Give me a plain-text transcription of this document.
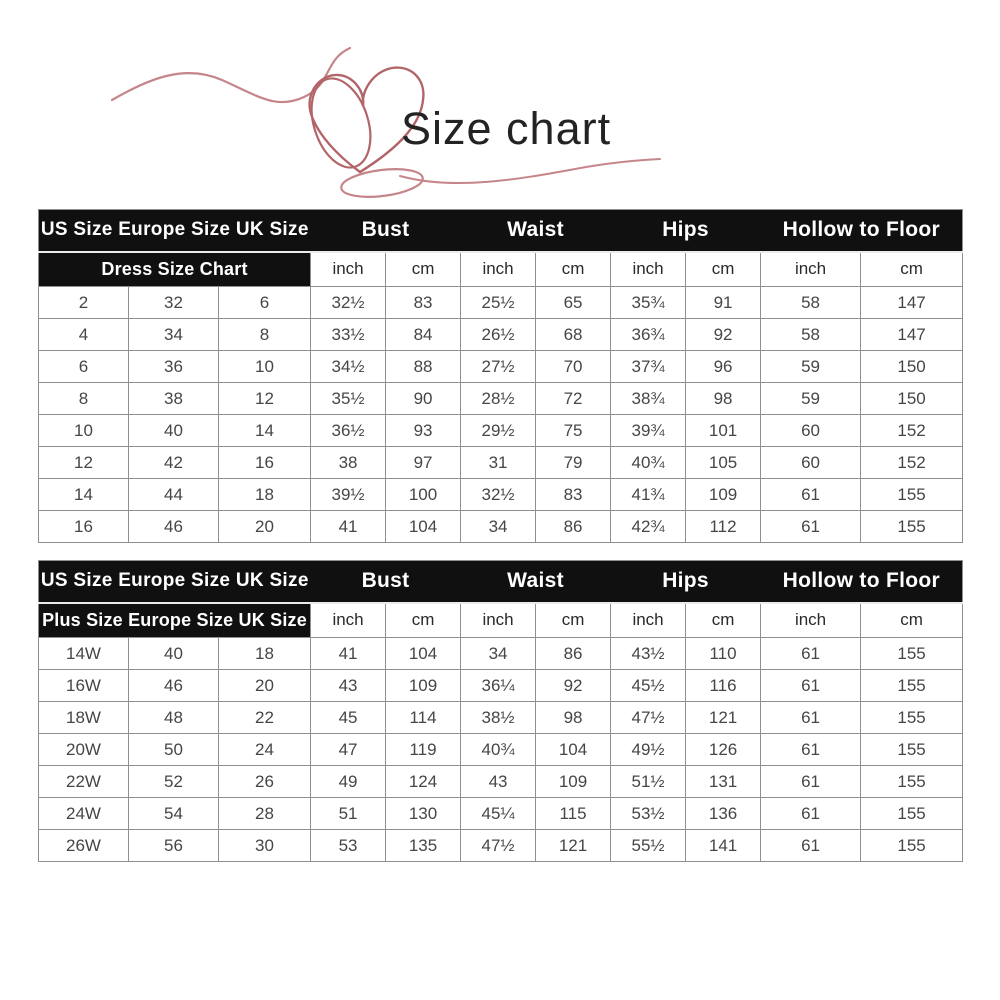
Size chart
US Size Europe Size UK Size			Bust		Waist		Hips		Hollow to Floor	
Dress Size Chart			inch	cm	inch	cm	inch	cm	inch	cm
2	32	6	32½	83	25½	65	35¾	91	58	147
4	34	8	33½	84	26½	68	36¾	92	58	147
6	36	10	34½	88	27½	70	37¾	96	59	150
8	38	12	35½	90	28½	72	38¾	98	59	150
10	40	14	36½	93	29½	75	39¾	101	60	152
12	42	16	38	97	31	79	40¾	105	60	152
14	44	18	39½	100	32½	83	41¾	109	61	155
16	46	20	41	104	34	86	42¾	112	61	155
US Size Europe Size UK Size			Bust		Waist		Hips		Hollow to Floor	
Plus Size Europe Size UK Size			inch	cm	inch	cm	inch	cm	inch	cm
14W	40	18	41	104	34	86	43½	110	61	155
16W	46	20	43	109	36¼	92	45½	116	61	155
18W	48	22	45	114	38½	98	47½	121	61	155
20W	50	24	47	119	40¾	104	49½	126	61	155
22W	52	26	49	124	43	109	51½	131	61	155
24W	54	28	51	130	45¼	115	53½	136	61	155
26W	56	30	53	135	47½	121	55½	141	61	155
